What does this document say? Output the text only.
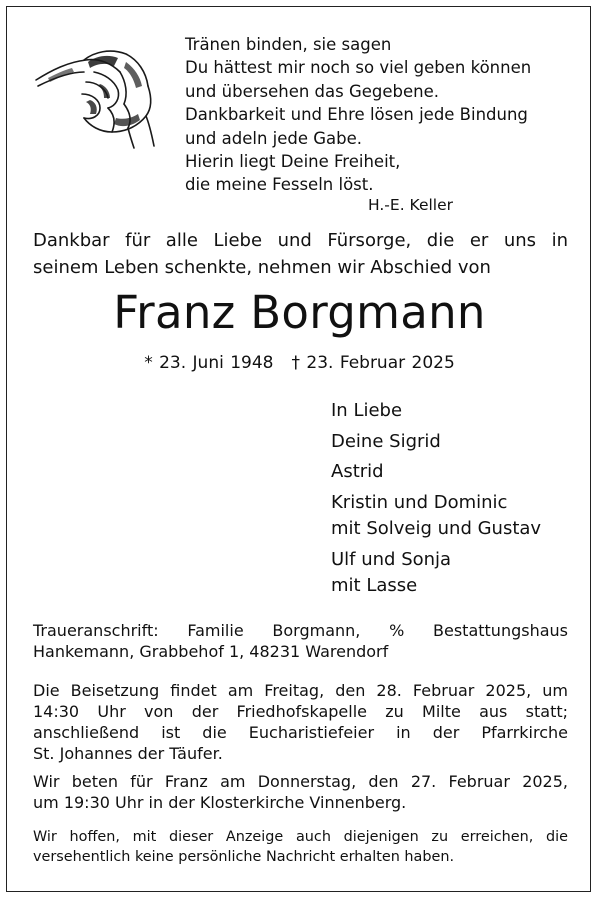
Tränen binden, sie sagen
Du hättest mir noch so viel geben können
und übersehen das Gegebene.
Dankbarkeit und Ehre lösen jede Bindung
und adeln jede Gabe.
Hierin liegt Deine Freiheit,
die meine Fesseln löst.
H.-E. Keller
Dankbar für alle Liebe und Fürsorge, die er uns in
seinem Leben schenkte, nehmen wir Abschied von
Franz Borgmann
* 23. Juni 1948 † 23. Februar 2025
In Liebe
Deine Sigrid
Astrid
Kristin und Dominic
mit Solveig und Gustav
Ulf und Sonja
mit Lasse
Traueranschrift: Familie Borgmann, % Bestattungshaus
Hankemann, Grabbehof 1, 48231 Warendorf
Die Beisetzung findet am Freitag, den 28. Februar 2025, um
14:30 Uhr von der Friedhofskapelle zu Milte aus statt;
anschließend ist die Eucharistiefeier in der Pfarrkirche
St. Johannes der Täufer.
Wir beten für Franz am Donnerstag, den 27. Februar 2025,
um 19:30 Uhr in der Klosterkirche Vinnenberg.
Wir hoffen, mit dieser Anzeige auch diejenigen zu erreichen, die
versehentlich keine persönliche Nachricht erhalten haben.
